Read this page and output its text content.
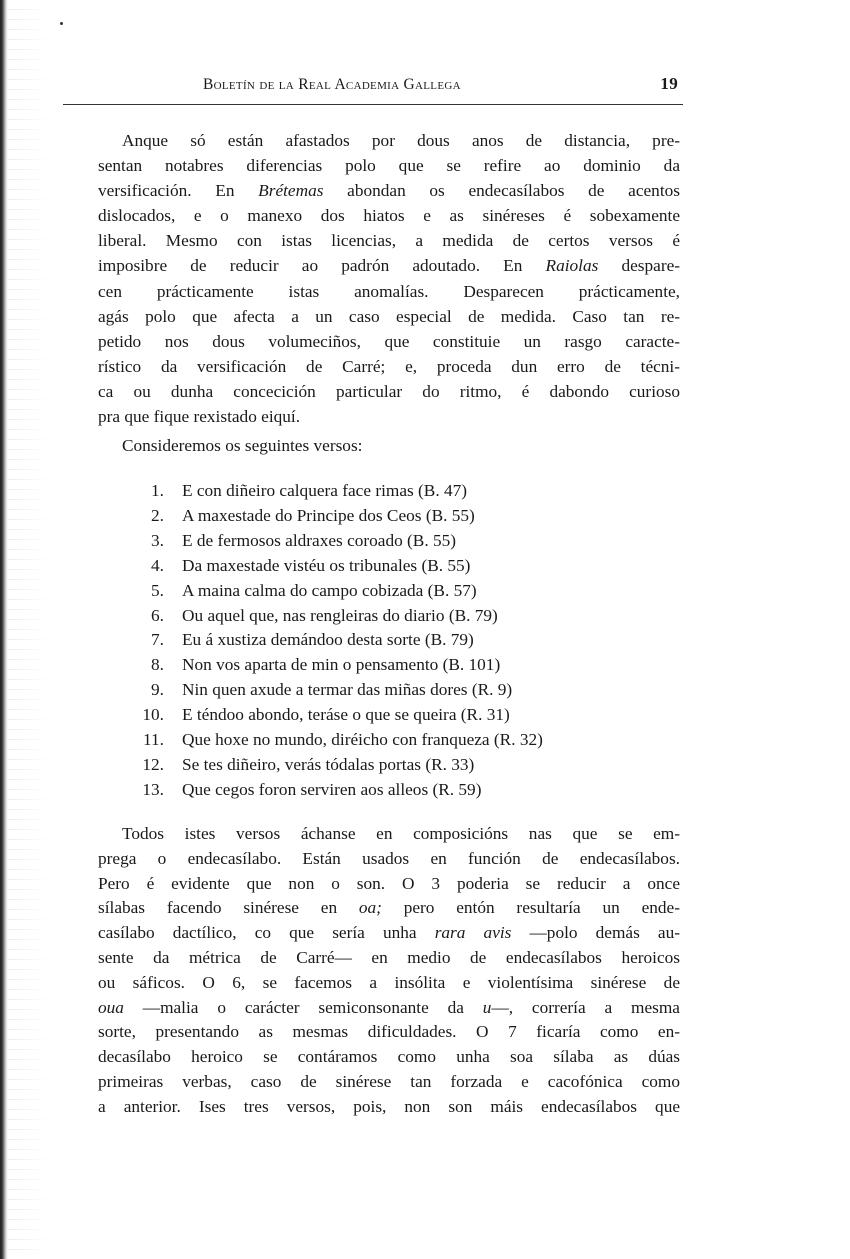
Boletín de la Real Academia Gallega	19
Anque só están afastados por dous anos de distancia, pre-
sentan notabres diferencias polo que se refire ao dominio da
versificación. En Brétemas abondan os endecasílabos de acentos
dislocados, e o manexo dos hiatos e as sinéreses é sobexamente
liberal. Mesmo con istas licencias, a medida de certos versos é
imposibre de reducir ao padrón adoutado. En Raiolas despare-
cen prácticamente istas anomalías. Desparecen prácticamente,
agás polo que afecta a un caso especial de medida. Caso tan re-
petido nos dous volumeciños, que constituie un rasgo caracte-
rístico da versificación de Carré; e, proceda dun erro de técni-
ca ou dunha concecición particular do ritmo, é dabondo curioso
pra que fique rexistado eiquí.
Consideremos os seguintes versos:
1.	E con diñeiro calquera face rimas (B. 47)
2.	A maxestade do Principe dos Ceos (B. 55)
3.	E de fermosos aldraxes coroado (B. 55)
4.	Da maxestade vistéu os tribunales (B. 55)
5.	A maina calma do campo cobizada (B. 57)
6.	Ou aquel que, nas rengleiras do diario (B. 79)
7.	Eu á xustiza demándoo desta sorte (B. 79)
8.	Non vos aparta de min o pensamento (B. 101)
9.	Nin quen axude a termar das miñas dores (R. 9)
10.	E téndoo abondo, teráse o que se queira (R. 31)
11.	Que hoxe no mundo, diréicho con franqueza (R. 32)
12.	Se tes diñeiro, verás tódalas portas (R. 33)
13.	Que cegos foron serviren aos alleos (R. 59)
Todos istes versos áchanse en composicións nas que se em-
prega o endecasílabo. Están usados en función de endecasílabos.
Pero é evidente que non o son. O 3 poderia se reducir a once
sílabas facendo sinérese en oa; pero entón resultaría un ende-
casílabo dactílico, co que sería unha rara avis —polo demás au-
sente da métrica de Carré— en medio de endecasílabos heroicos
ou sáficos. O 6, se facemos a insólita e violentísima sinérese de
oua —malia o carácter semiconsonante da u—, correría a mesma
sorte, presentando as mesmas dificuldades. O 7 ficaría como en-
decasílabo heroico se contáramos como unha soa sílaba as dúas
primeiras verbas, caso de sinérese tan forzada e cacofónica como
a anterior. Ises tres versos, pois, non son máis endecasílabos que
